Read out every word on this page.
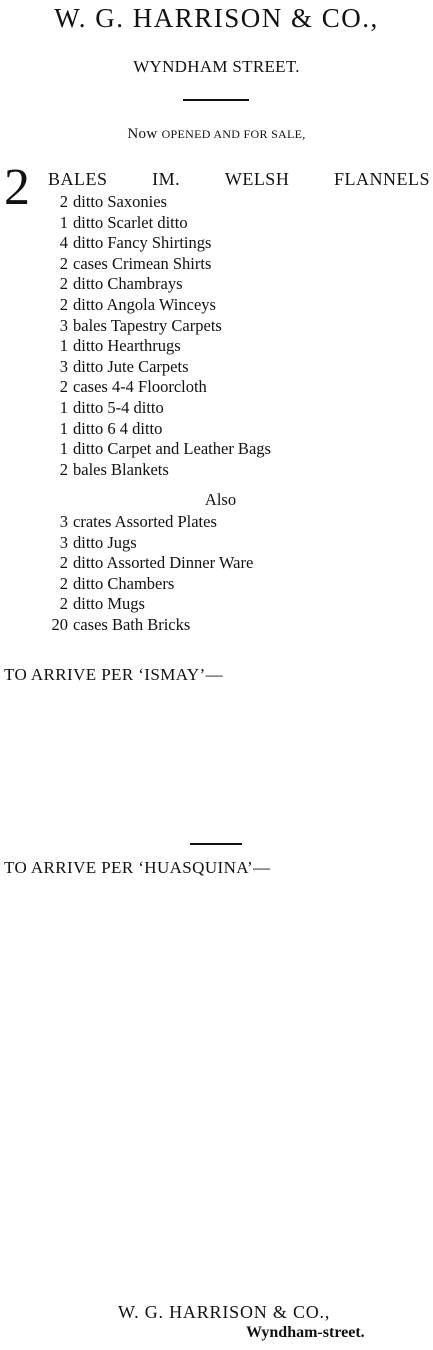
W. G. HARRISON & CO.,
WYNDHAM STREET.
Now OPENED AND FOR SALE,
2 BALES IM. WELSH FLANNELS
2 ditto Saxonies
1 ditto Scarlet ditto
4 ditto Fancy Shirtings
2 cases Crimean Shirts
2 ditto Chambrays
2 ditto Angola Winceys
3 bales Tapestry Carpets
1 ditto Hearthrugs
3 ditto Jute Carpets
2 cases 4-4 Floorcloth
1 ditto 5-4 ditto
1 ditto 6 4 ditto
1 ditto Carpet and Leather Bags
2 bales Blankets
Also
3 crates Assorted Plates
3 ditto Jugs
2 ditto Assorted Dinner Ware
2 ditto Chambers
2 ditto Mugs
20 cases Bath Bricks
TO ARRIVE PER ‘ISMAY’—
TO ARRIVE PER ‘HUASQUINA’—
W. G. HARRISON & CO.,
Wyndham-street.
